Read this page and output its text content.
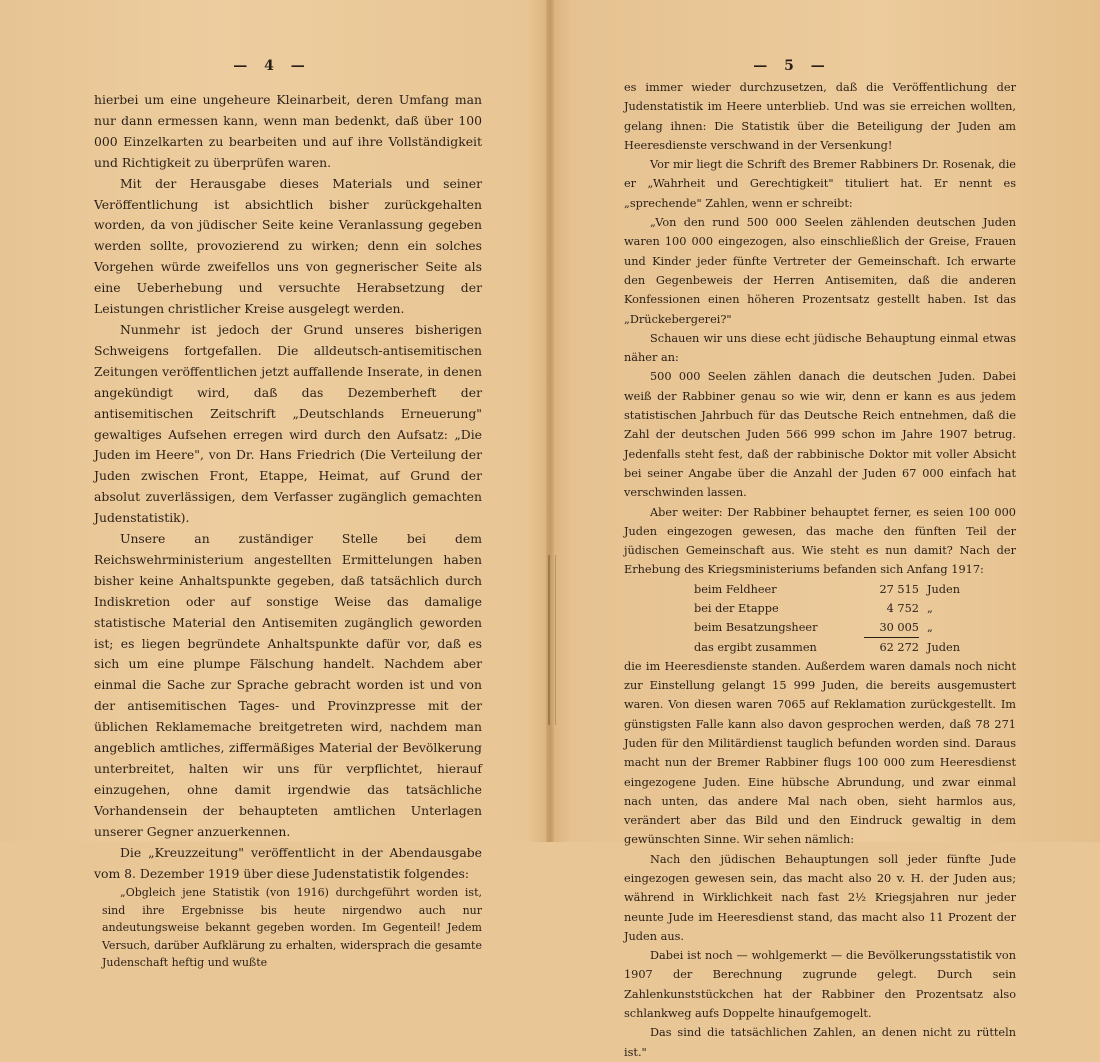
— 4 —

hierbei um eine ungeheure Kleinarbeit, deren Umfang man nur dann ermessen kann, wenn man bedenkt, daß über 100 000 Einzelkarten zu bearbeiten und auf ihre Vollständigkeit und Richtigkeit zu überprüfen waren.

Mit der Herausgabe dieses Materials und seiner Veröffentlichung ist absichtlich bisher zurückgehalten worden, da von jüdischer Seite keine Veranlassung gegeben werden sollte, provozierend zu wirken; denn ein solches Vorgehen würde zweifellos uns von gegnerischer Seite als eine Ueberhebung und versuchte Herabsetzung der Leistungen christlicher Kreise ausgelegt werden.

Nunmehr ist jedoch der Grund unseres bisherigen Schweigens fortgefallen. Die alldeutsch-antisemitischen Zeitungen veröffentlichen jetzt auffallende Inserate, in denen angekündigt wird, daß das Dezemberheft der antisemitischen Zeitschrift „Deutschlands Erneuerung" gewaltiges Aufsehen erregen wird durch den Aufsatz: „Die Juden im Heere", von Dr. Hans Friedrich (Die Verteilung der Juden zwischen Front, Etappe, Heimat, auf Grund der absolut zuverlässigen, dem Verfasser zugänglich gemachten Judenstatistik).

Unsere an zuständiger Stelle bei dem Reichswehrministerium angestellten Ermittelungen haben bisher keine Anhaltspunkte gegeben, daß tatsächlich durch Indiskretion oder auf sonstige Weise das damalige statistische Material den Antisemiten zugänglich geworden ist; es liegen begründete Anhaltspunkte dafür vor, daß es sich um eine plumpe Fälschung handelt. Nachdem aber einmal die Sache zur Sprache gebracht worden ist und von der antisemitischen Tages- und Provinzpresse mit der üblichen Reklamemache breitgetreten wird, nachdem man angeblich amtliches, ziffermäßiges Material der Bevölkerung unterbreitet, halten wir uns für verpflichtet, hierauf einzugehen, ohne damit irgendwie das tatsächliche Vorhandensein der behaupteten amtlichen Unterlagen unserer Gegner anzuerkennen.

Die „Kreuzzeitung" veröffentlicht in der Abendausgabe vom 8. Dezember 1919 über diese Judenstatistik folgendes:

„Obgleich jene Statistik (von 1916) durchgeführt worden ist, sind ihre Ergebnisse bis heute nirgendwo auch nur andeutungsweise bekannt gegeben worden. Im Gegenteil! Jedem Versuch, darüber Aufklärung zu erhalten, widersprach die gesamte Judenschaft heftig und wußte

— 5 —

es immer wieder durchzusetzen, daß die Veröffentlichung der Judenstatistik im Heere unterblieb. Und was sie erreichen wollten, gelang ihnen: Die Statistik über die Beteiligung der Juden am Heeresdienste verschwand in der Versenkung!

Vor mir liegt die Schrift des Bremer Rabbiners Dr. Rosenak, die er „Wahrheit und Gerechtigkeit" tituliert hat. Er nennt es „sprechende" Zahlen, wenn er schreibt:

„Von den rund 500 000 Seelen zählenden deutschen Juden waren 100 000 eingezogen, also einschließlich der Greise, Frauen und Kinder jeder fünfte Vertreter der Gemeinschaft. Ich erwarte den Gegenbeweis der Herren Antisemiten, daß die anderen Konfessionen einen höheren Prozentsatz gestellt haben. Ist das „Drückebergerei?"

Schauen wir uns diese echt jüdische Behauptung einmal etwas näher an:

500 000 Seelen zählen danach die deutschen Juden. Dabei weiß der Rabbiner genau so wie wir, denn er kann es aus jedem statistischen Jahrbuch für das Deutsche Reich entnehmen, daß die Zahl der deutschen Juden 566 999 schon im Jahre 1907 betrug. Jedenfalls steht fest, daß der rabbinische Doktor mit voller Absicht bei seiner Angabe über die Anzahl der Juden 67 000 einfach hat verschwinden lassen.

Aber weiter: Der Rabbiner behauptet ferner, es seien 100 000 Juden eingezogen gewesen, das mache den fünften Teil der jüdischen Gemeinschaft aus. Wie steht es nun damit? Nach der Erhebung des Kriegsministeriums befanden sich Anfang 1917:

beim Feldheer	27 515 Juden
bei der Etappe	4 752 „
beim Besatzungsheer	30 005 „
das ergibt zusammen	62 272 Juden

die im Heeresdienste standen. Außerdem waren damals noch nicht zur Einstellung gelangt 15 999 Juden, die bereits ausgemustert waren. Von diesen waren 7065 auf Reklamation zurückgestellt. Im günstigsten Falle kann also davon gesprochen werden, daß 78 271 Juden für den Militärdienst tauglich befunden worden sind. Daraus macht nun der Bremer Rabbiner flugs 100 000 zum Heeresdienst eingezogene Juden. Eine hübsche Abrundung, und zwar einmal nach unten, das andere Mal nach oben, sieht harmlos aus, verändert aber das Bild und den Eindruck gewaltig in dem gewünschten Sinne. Wir sehen nämlich:

Nach den jüdischen Behauptungen soll jeder fünfte Jude eingezogen gewesen sein, das macht also 20 v. H. der Juden aus; während in Wirklichkeit nach fast 2½ Kriegsjahren nur jeder neunte Jude im Heeresdienst stand, das macht also 11 Prozent der Juden aus.

Dabei ist noch — wohlgemerkt — die Bevölkerungsstatistik von 1907 der Berechnung zugrunde gelegt. Durch sein Zahlenkunststückchen hat der Rabbiner den Prozentsatz also schlankweg aufs Doppelte hinaufgemogelt.

Das sind die tatsächlichen Zahlen, an denen nicht zu rütteln ist."
